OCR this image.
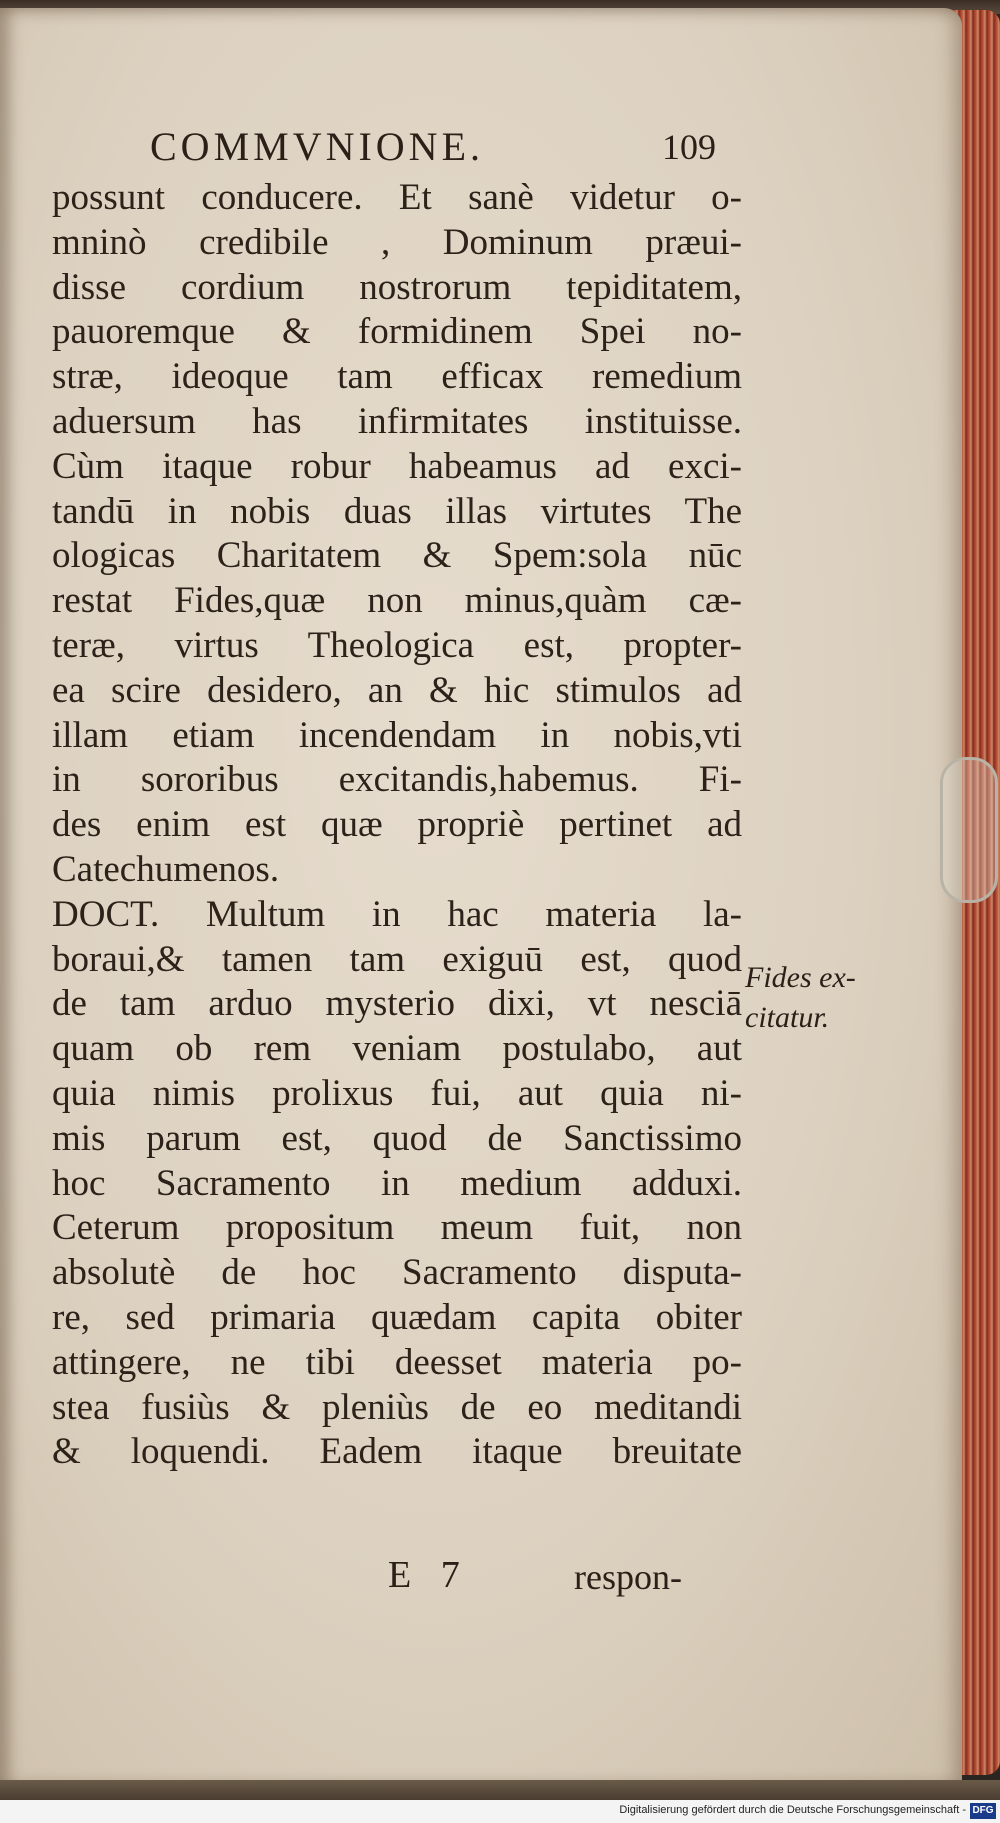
COMMVNIONE.	109
possunt conducere. Et sanè videtur o-
mninò credibile , Dominum præui-
disse cordium nostrorum tepiditatem,
pauoremque & formidinem Spei no-
stræ, ideoque tam efficax remedium
aduersum has infirmitates instituisse.
Cùm itaque robur habeamus ad exci-
tandū in nobis duas illas virtutes The
ologicas Charitatem & Spem:sola nūc
restat Fides,quæ non minus,quàm cæ-
teræ, virtus Theologica est, propter-
ea scire desidero, an & hic stimulos ad
illam etiam incendendam in nobis,vti
in sororibus excitandis,habemus. Fi-
des enim est quæ propriè pertinet ad
Catechumenos.
DOCT. Multum in hac materia la-
boraui,& tamen tam exiguū est, quod
de tam arduo mysterio dixi, vt nesciā
quam ob rem veniam postulabo, aut
quia nimis prolixus fui, aut quia ni-
mis parum est, quod de Sanctissimo
hoc Sacramento in medium adduxi.
Ceterum propositum meum fuit, non
absolutè de hoc Sacramento disputa-
re, sed primaria quædam capita obiter
attingere, ne tibi deesset materia po-
stea fusiùs & pleniùs de eo meditandi
& loquendi. Eadem itaque breuitate
Fides ex-
citatur.
E 7	respon-
Digitalisierung gefördert durch die Deutsche Forschungsgemeinschaft - DFG
